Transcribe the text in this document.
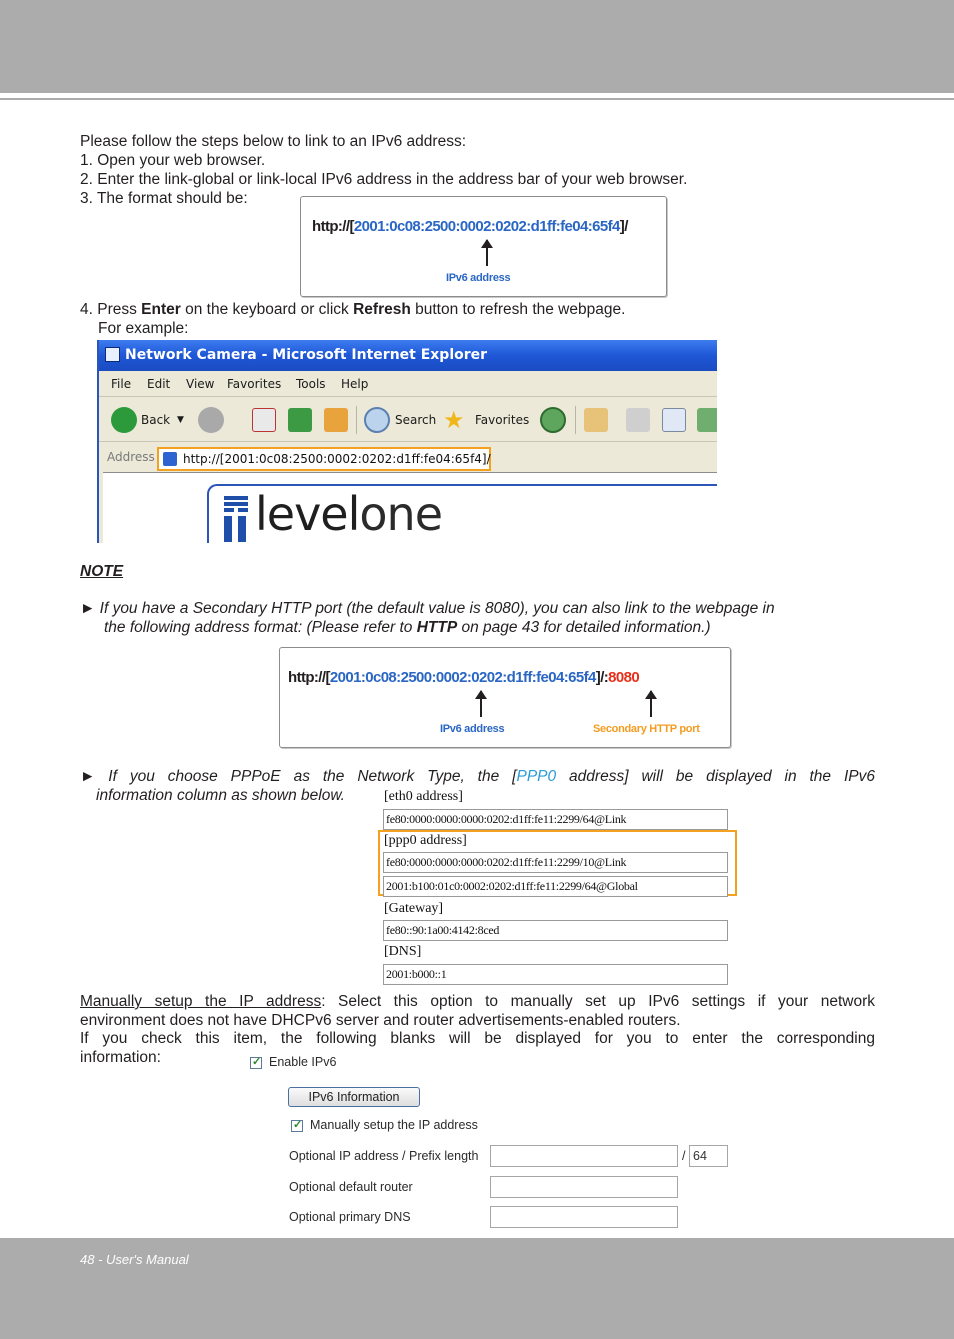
Please follow the steps below to link to an IPv6 address:
1. Open your web browser.
2. Enter the link-global or link-local IPv6 address in the address bar of your web browser.
3. The format should be:
http://[2001:0c08:2500:0002:0202:d1ff:fe04:65f4]/
IPv6 address
4. Press Enter on the keyboard or click Refresh button to refresh the webpage.
For example:
Network Camera - Microsoft Internet Explorer
File Edit View Favorites Tools Help
Back ▼	Search ★ Favorites
Address	http://[2001:0c08:2500:0002:0202:d1ff:fe04:65f4]/
levelone
NOTE
► If you have a Secondary HTTP port (the default value is 8080), you can also link to the webpage in
the following address format: (Please refer to HTTP on page 43 for detailed information.)
http://[2001:0c08:2500:0002:0202:d1ff:fe04:65f4]/:8080
IPv6 address	Secondary HTTP port
► If you choose PPPoE as the Network Type, the [PPP0 address] will be displayed in the IPv6
information column as shown below.	[eth0 address]
fe80:0000:0000:0000:0202:d1ff:fe11:2299/64@Link
[ppp0 address]
fe80:0000:0000:0000:0202:d1ff:fe11:2299/10@Link
2001:b100:01c0:0002:0202:d1ff:fe11:2299/64@Global
[Gateway]
fe80::90:1a00:4142:8ced
[DNS]
2001:b000::1
Manually setup the IP address: Select this option to manually set up IPv6 settings if your network
environment does not have DHCPv6 server and router advertisements-enabled routers.
If you check this item, the following blanks will be displayed for you to enter the corresponding
information:
✓	Enable IPv6
IPv6 Information
✓
Manually setup the IP address
Optional IP address / Prefix length	/ 64
Optional default router
Optional primary DNS
48 - User's Manual
